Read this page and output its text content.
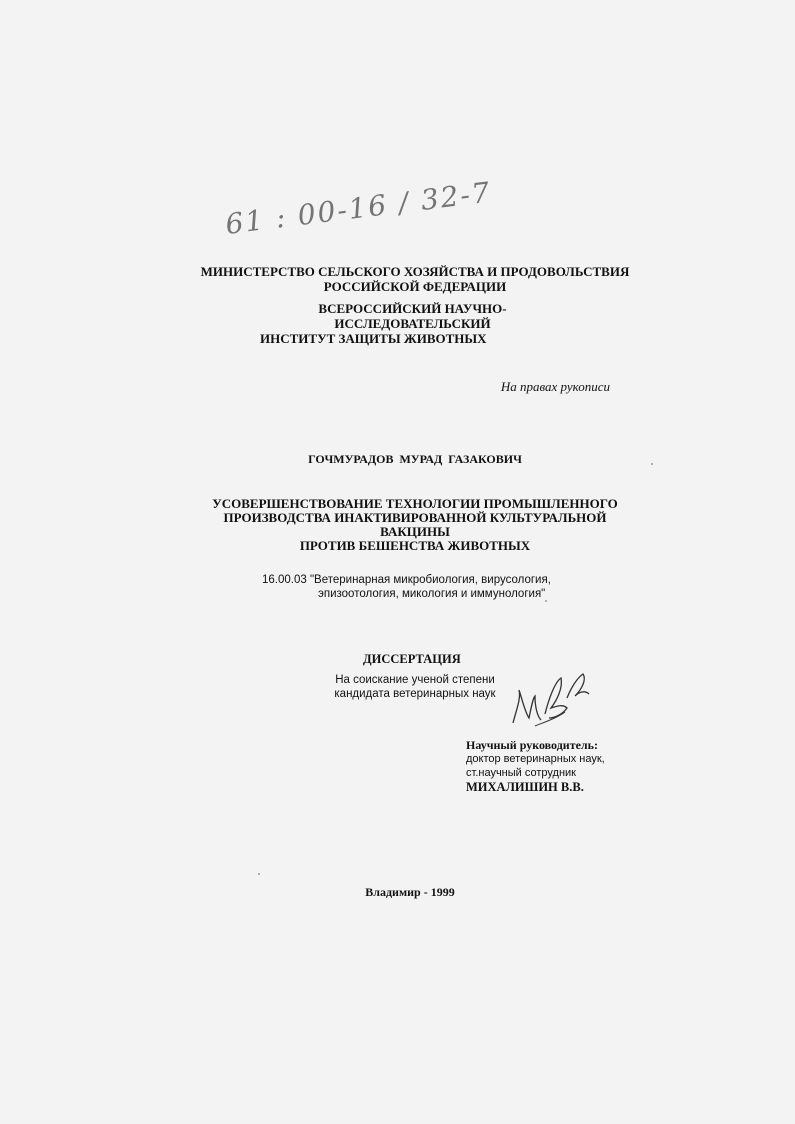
61 : 00-16 / 32-7
МИНИСТЕРСТВО СЕЛЬСКОГО ХОЗЯЙСТВА И ПРОДОВОЛЬСТВИЯ
РОССИЙСКОЙ ФЕДЕРАЦИИ
ВСЕРОССИЙСКИЙ НАУЧНО-ИССЛЕДОВАТЕЛЬСКИЙ
ИНСТИТУТ ЗАЩИТЫ ЖИВОТНЫХ
На правах рукописи
ГОЧМУРАДОВ МУРАД ГАЗАКОВИЧ
УСОВЕРШЕНСТВОВАНИЕ ТЕХНОЛОГИИ ПРОМЫШЛЕННОГО
ПРОИЗВОДСТВА ИНАКТИВИРОВАННОЙ КУЛЬТУРАЛЬНОЙ ВАКЦИНЫ
ПРОТИВ БЕШЕНСТВА ЖИВОТНЫХ
16.00.03 "Ветеринарная микробиология, вирусология,
эпизоотология, микология и иммунология"
ДИССЕРТАЦИЯ
На соискание ученой степени
кандидата ветеринарных наук
Научный руководитель:
доктор ветеринарных наук,
ст.научный сотрудник
МИХАЛИШИН В.В.
Владимир - 1999
